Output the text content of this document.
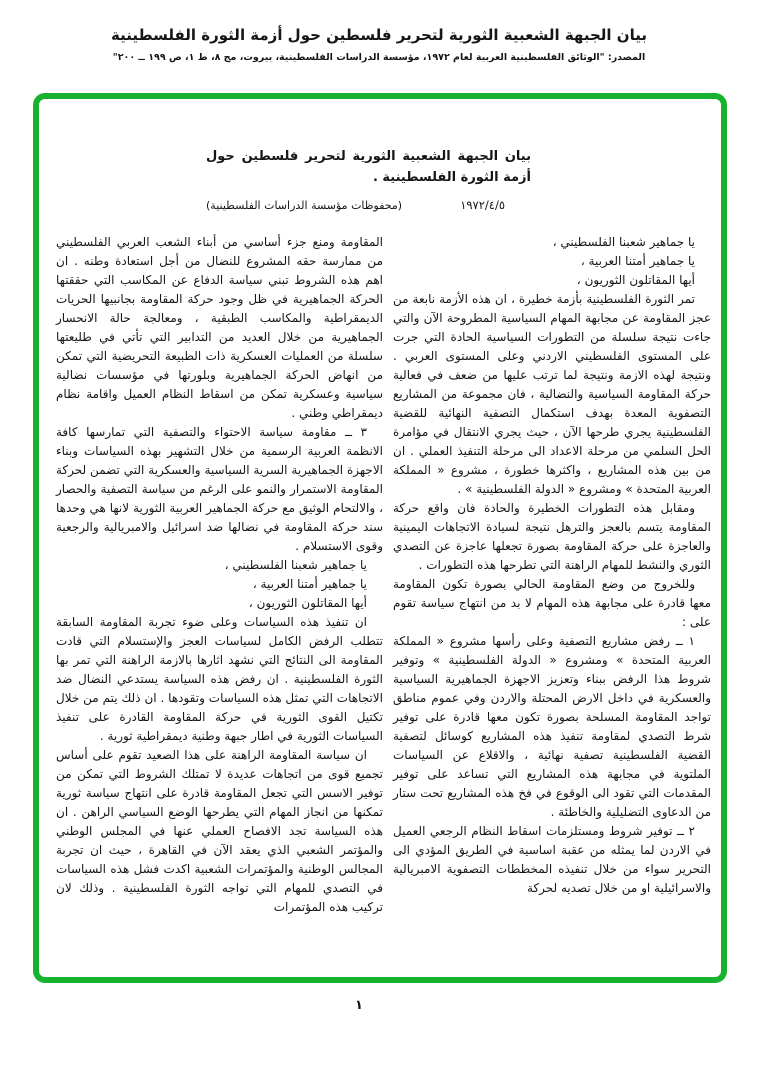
بيان الجبهة الشعبية الثورية لتحرير فلسطين حول أزمة الثورة الفلسطينية
المصدر: "الوثائق الفلسطينية العربية لعام ١٩٧٢، مؤسسة الدراسات الفلسطينية، بيروت، مج ٨، ط ١، ص ١٩٩ ــ ٢٠٠"
بيان الجبهة الشعبية الثورية لتحرير فلسطين حول أزمة الثورة الفلسطينية .
١٩٧٢/٤/٥
(محفوظات مؤسسة الدراسات الفلسطينية)
يا جماهير شعبنا الفلسطيني ،
يا جماهير أمتنا العربية ،
أيها المقاتلون الثوريون ،

تمر الثورة الفلسطينية بأزمة خطيرة ، ان هذه الأزمة نابعة من عجز المقاومة عن مجابهة المهام السياسية المطروحة الآن والتي جاءت نتيجة سلسلة من التطورات السياسية الحادة التي جرت على المستوى الفلسطيني الاردني وعلى المستوى العربي . ونتيجة لهذه الازمة ونتيجة لما ترتب عليها من ضعف في فعالية حركة المقاومة السياسية والنضالية ، فان مجموعة من المشاريع التصفوية المعدة بهدف استكمال التصفية النهائية للقضية الفلسطينية يجري طرحها الآن ، حيث يجري الانتقال في مؤامرة الحل السلمي من مرحلة الاعداد الى مرحلة التنفيذ العملي . ان من بين هذه المشاريع ، واكثرها خطورة ، مشروع « المملكة العربية المتحدة » ومشروع « الدولة الفلسطينية » .

ومقابل هذه التطورات الخطيرة والحادة فان واقع حركة المقاومة يتسم بالعجز والترهل نتيجة لسيادة الاتجاهات اليمينية والعاجزة على حركة المقاومة بصورة تجعلها عاجزة عن التصدي الثوري والنشط للمهام الراهنة التي تطرحها هذه التطورات .

وللخروج من وضع المقاومة الحالي بصورة تكون المقاومة معها قادرة على مجابهة هذه المهام لا بد من انتهاج سياسة تقوم على :

١ ــ رفض مشاريع التصفية وعلى رأسها مشروع « المملكة العربية المتحدة » ومشروع « الدولة الفلسطينية » وتوفير شروط هذا الرفض ببناء وتعزيز الاجهزة الجماهيرية السياسية والعسكرية في داخل الارض المحتلة والاردن وفي عموم مناطق تواجد المقاومة المسلحة بصورة تكون معها قادرة على توفير شرط التصدي لمقاومة تنفيذ هذه المشاريع كوسائل لتصفية القضية الفلسطينية تصفية نهائية ، والاقلاع عن السياسات الملتوية في مجابهة هذه المشاريع التي تساعد على توفير المقدمات التي تقود الى الوقوع في فخ هذه المشاريع تحت ستار من الدعاوى التضليلية والخاطئة .

٢ ــ توفير شروط ومستلزمات اسقاط النظام الرجعي العميل في الاردن لما يمثله من عقبة اساسية في الطريق المؤدي الى التحرير سواء من خلال تنفيذه المخططات التصفوية الامبريالية والاسرائيلية او من خلال تصديه لحركة

المقاومة ومنع جزء أساسي من أبناء الشعب العربي الفلسطيني من ممارسة حقه المشروع للنضال من أجل استعادة وطنه . ان اهم هذه الشروط تبني سياسة الدفاع عن المكاسب التي حققتها الحركة الجماهيرية في ظل وجود حركة المقاومة بجانبيها الحريات الديمقراطية والمكاسب الطبقية ، ومعالجة حالة الانحسار الجماهيرية من خلال العديد من التدابير التي تأتي في طليعتها سلسلة من العمليات العسكرية ذات الطبيعة التحريضية التي تمكن من انهاض الحركة الجماهيرية وبلورتها في مؤسسات نضالية سياسية وعسكرية تمكن من اسقاط النظام العميل واقامة نظام ديمقراطي وطني .

٣ ــ مقاومة سياسة الاحتواء والتصفية التي تمارسها كافة الانظمة العربية الرسمية من خلال التشهير بهذه السياسات وبناء الاجهزة الجماهيرية السرية السياسية والعسكرية التي تضمن لحركة المقاومة الاستمرار والنمو على الرغم من سياسة التصفية والحصار ، والالتحام الوثيق مع حركة الجماهير العربية الثورية لانها هي وحدها سند حركة المقاومة في نضالها ضد اسرائيل والامبريالية والرجعية وقوى الاستسلام .

يا جماهير شعبنا الفلسطيني ،
يا جماهير أمتنا العربية ،
أيها المقاتلون الثوريون ،

ان تنفيذ هذه السياسات وعلى ضوء تجربة المقاومة السابقة تتطلب الرفض الكامل لسياسات العجز والإستسلام التي قادت المقاومة الى النتائج التي نشهد اثارها بالازمة الراهنة التي تمر بها الثورة الفلسطينية . ان رفض هذه السياسة يستدعي النضال ضد الاتجاهات التي تمثل هذه السياسات وتقودها . ان ذلك يتم من خلال تكتيل القوى الثورية في حركة المقاومة القادرة على تنفيذ السياسات الثورية في اطار جبهة وطنية ديمقراطية ثورية .

ان سياسة المقاومة الراهنة على هذا الصعيد تقوم على أساس تجميع قوى من اتجاهات عديدة لا تمتلك الشروط التي تمكن من توفير الاسس التي تجعل المقاومة قادرة على انتهاج سياسة ثورية تمكنها من انجاز المهام التي يطرحها الوضع السياسي الراهن . ان هذه السياسة تجد الافصاح العملي عنها في المجلس الوطني والمؤتمر الشعبي الذي يعقد الآن في القاهرة ، حيث ان تجربة المجالس الوطنية والمؤتمرات الشعبية اكدت فشل هذه السياسات في التصدي للمهام التي تواجه الثورة الفلسطينية . وذلك لان تركيب هذه المؤتمرات

١
